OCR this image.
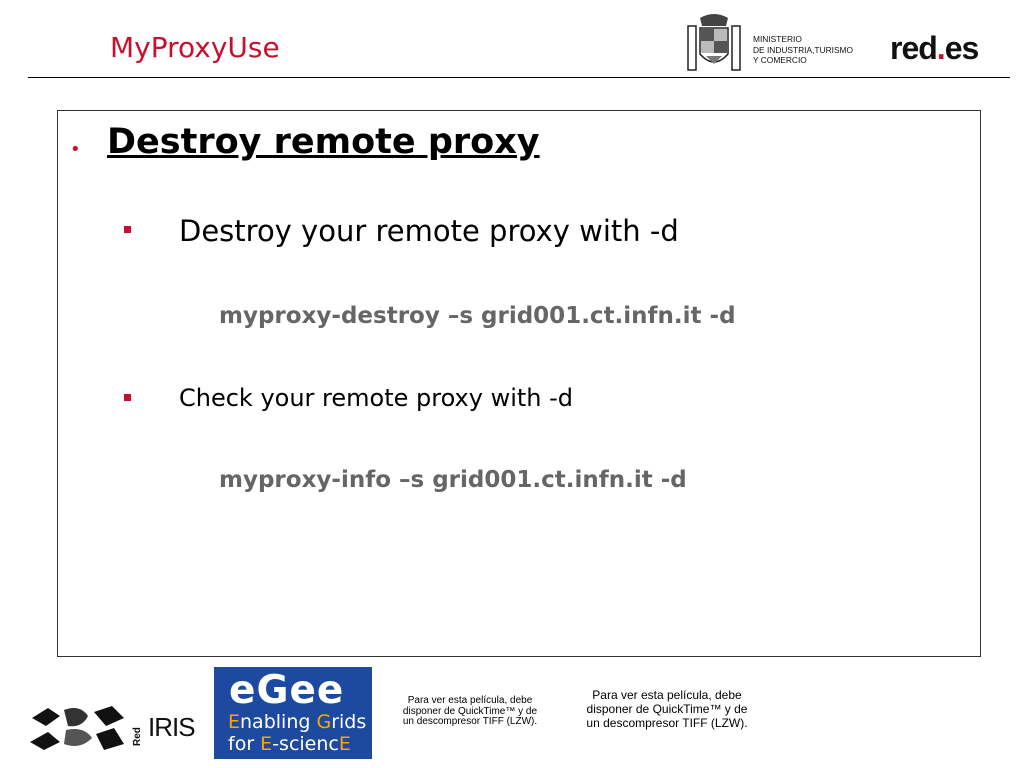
MyProxyUse	MINISTERIO
DE INDUSTRIA,TURISMO
Y COMERCIO	red.es
• Destroy remote proxy
Destroy your remote proxy with -d
myproxy-destroy –s grid001.ct.infn.it -d
Check your remote proxy with -d
myproxy-info –s grid001.ct.infn.it -d
Red IRIS
eGee
Enabling Grids
for E-sciencE
Para ver esta película, debe
disponer de QuickTime™ y de
un descompresor TIFF (LZW).
Para ver esta película, debe
disponer de QuickTime™ y de
un descompresor TIFF (LZW).
